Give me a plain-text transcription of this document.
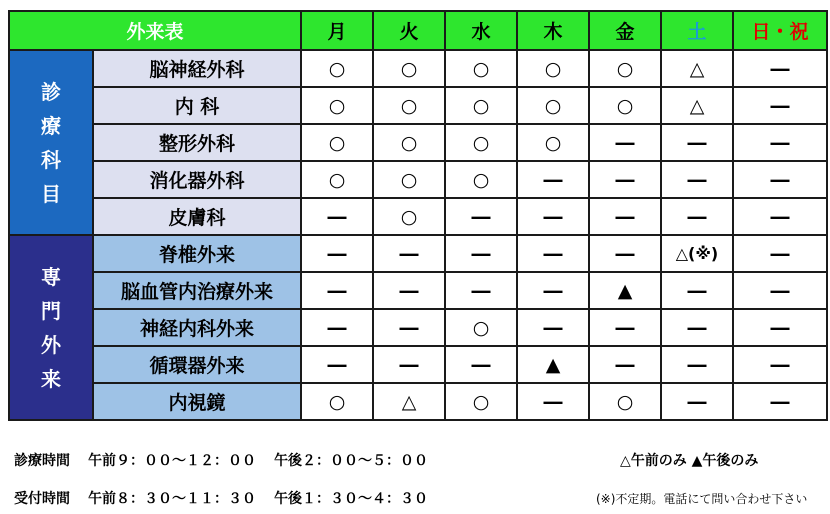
外来表		月	火	水	木	金	土	日・祝

診
療
科
目	脳神経外科	○	○	○	○	○	△	―
	内 科	○	○	○	○	○	△	―
	整形外科	○	○	○	○	―	―	―
	消化器外科	○	○	○	―	―	―	―
	皮膚科	―	○	―	―	―	―	―

専
門
外
来	脊椎外来	―	―	―	―	―	△(※)	―
	脳血管内治療外来	―	―	―	―	▲	―	―
	神経内科外来	―	―	○	―	―	―	―
	循環器外来	―	―	―	▲	―	―	―
	内視鏡	○	△	○	―	○	―	―
診療時間 午前９：００～１２：００ 午後２：００～５：００	△午前のみ ▲午後のみ
受付時間 午前８：３０～１１：３０ 午後１：３０～４：３０	(※)不定期。電話にて問い合わせ下さい
